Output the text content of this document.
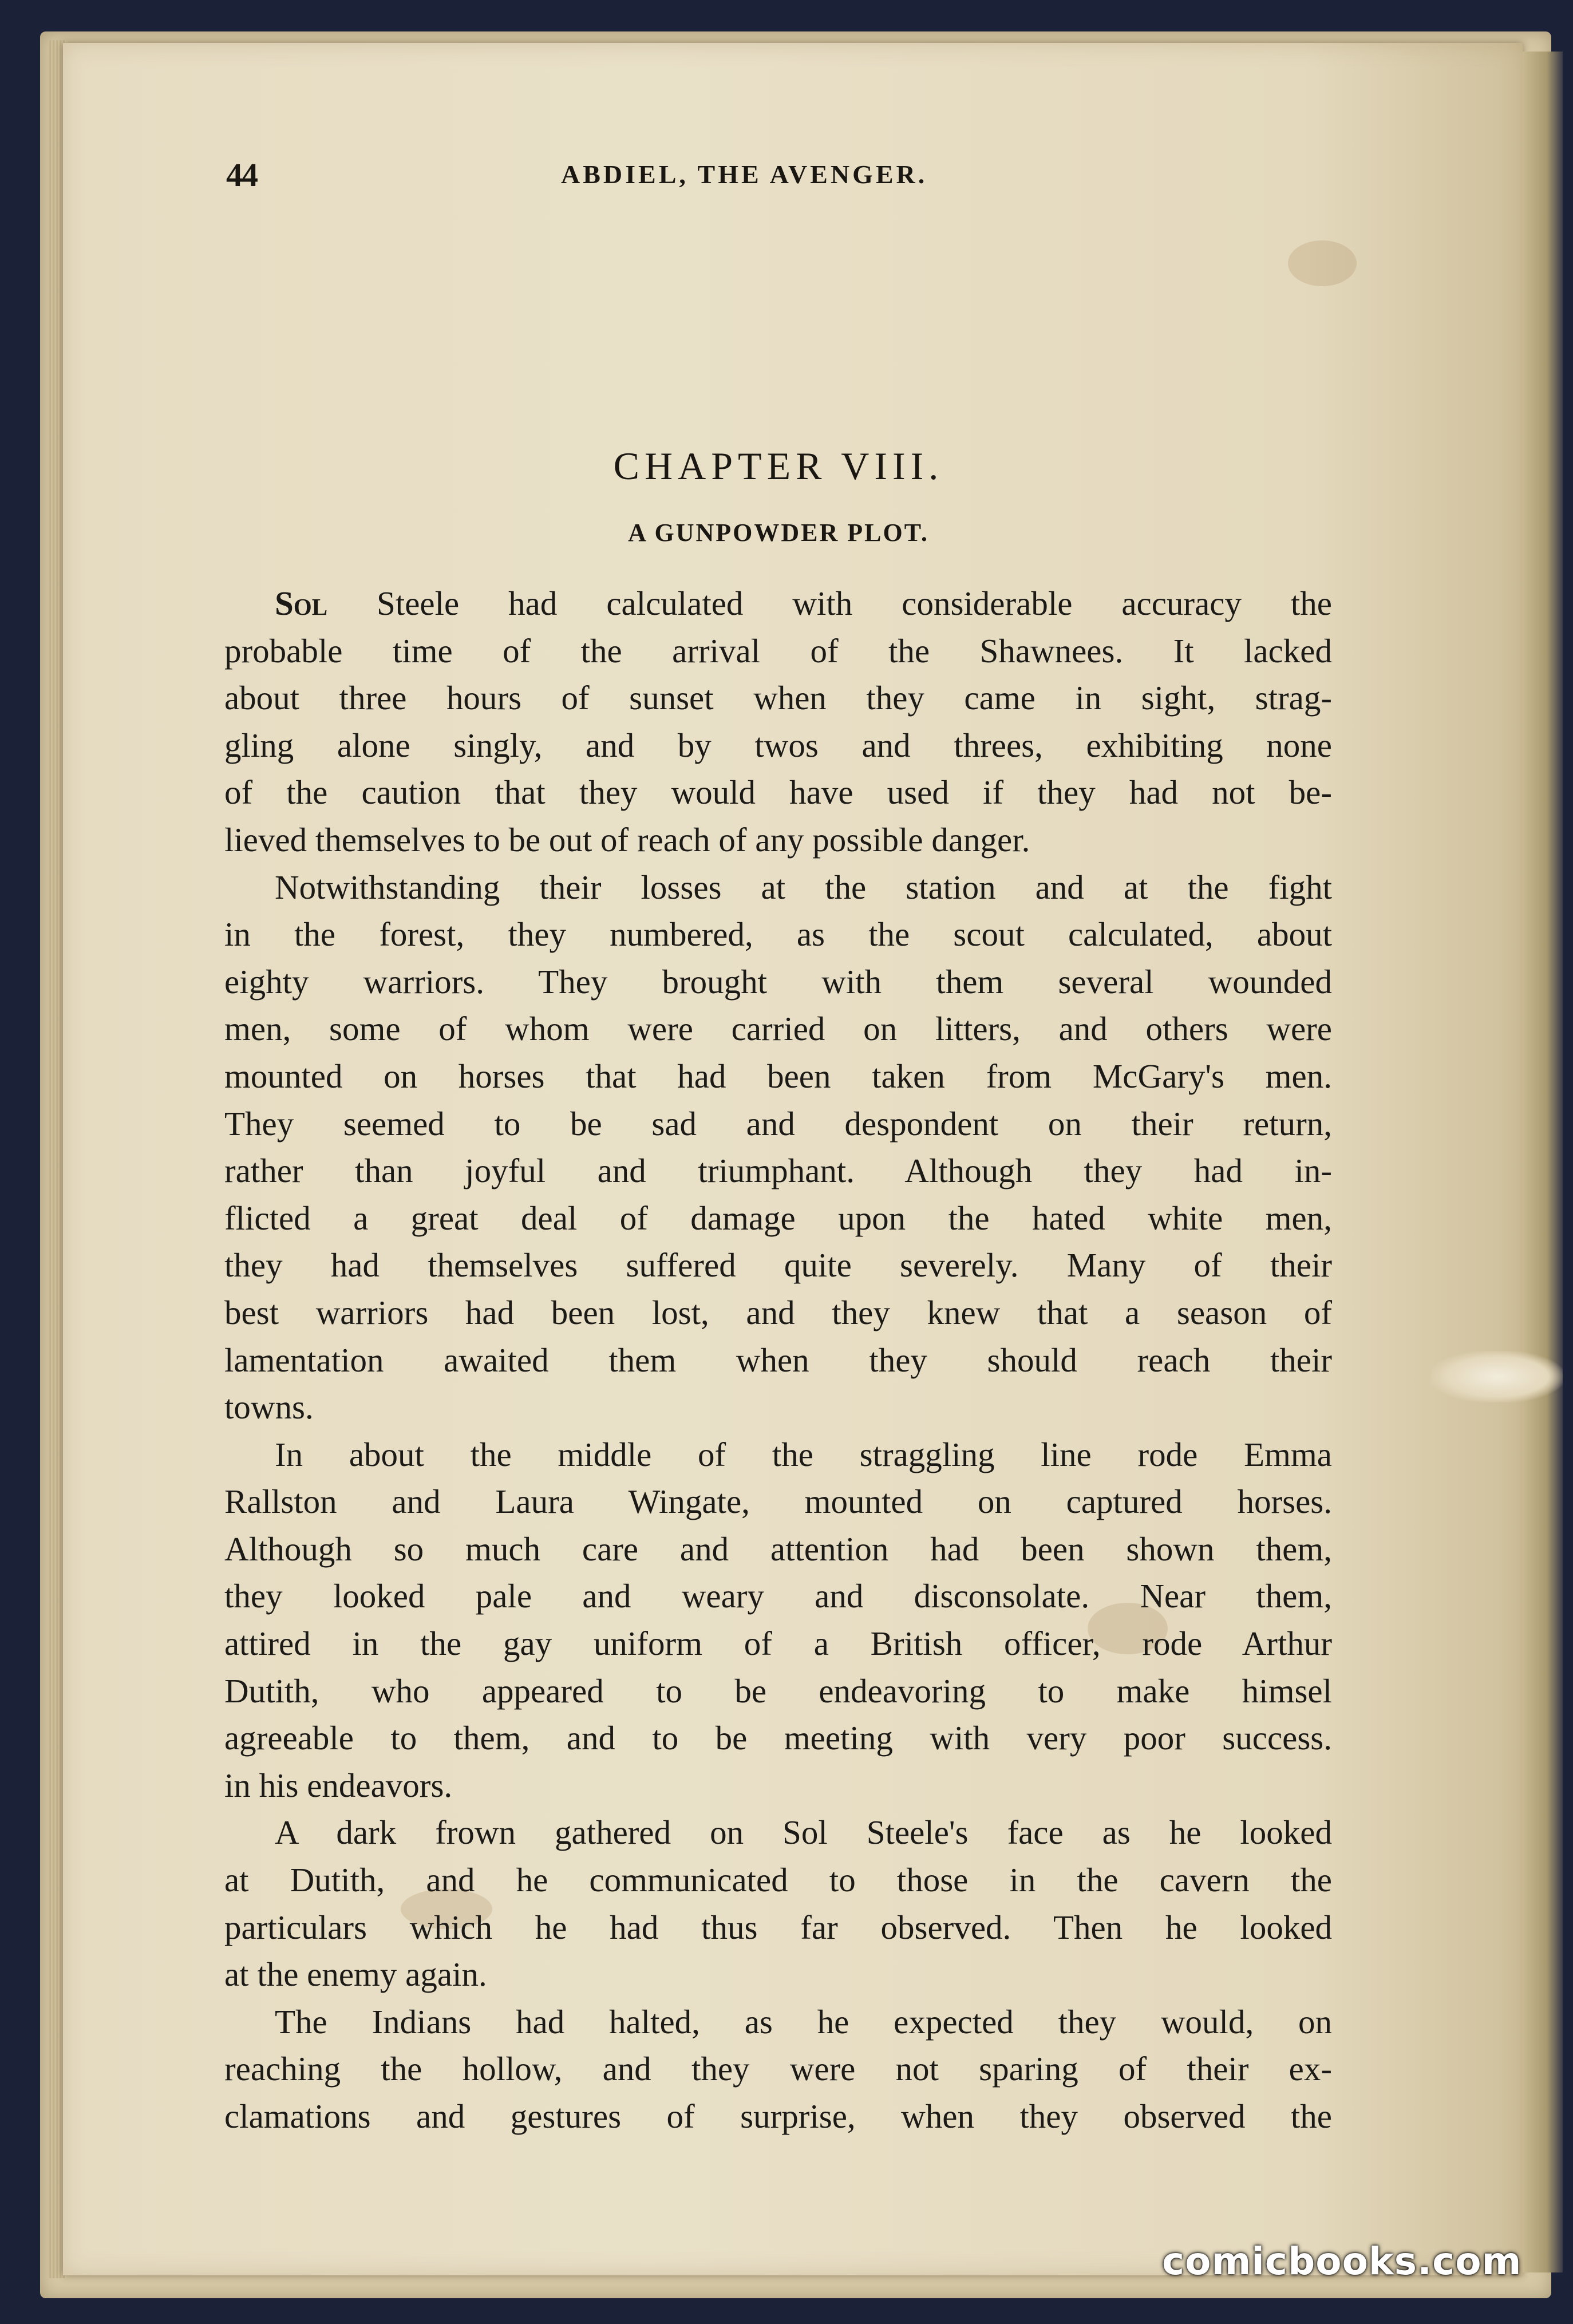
44	ABDIEL, THE AVENGER.
CHAPTER VIII.
A GUNPOWDER PLOT.
Sol Steele had calculated with considerable accuracy the
probable time of the arrival of the Shawnees. It lacked
about three hours of sunset when they came in sight, strag-
gling alone singly, and by twos and threes, exhibiting none
of the caution that they would have used if they had not be-
lieved themselves to be out of reach of any possible danger.
Notwithstanding their losses at the station and at the fight
in the forest, they numbered, as the scout calculated, about
eighty warriors. They brought with them several wounded
men, some of whom were carried on litters, and others were
mounted on horses that had been taken from McGary's men.
They seemed to be sad and despondent on their return,
rather than joyful and triumphant. Although they had in-
flicted a great deal of damage upon the hated white men,
they had themselves suffered quite severely. Many of their
best warriors had been lost, and they knew that a season of
lamentation awaited them when they should reach their
towns.
In about the middle of the straggling line rode Emma
Rallston and Laura Wingate, mounted on captured horses.
Although so much care and attention had been shown them,
they looked pale and weary and disconsolate. Near them,
attired in the gay uniform of a British officer, rode Arthur
Dutith, who appeared to be endeavoring to make himsel
agreeable to them, and to be meeting with very poor success.
in his endeavors.
A dark frown gathered on Sol Steele's face as he looked
at Dutith, and he communicated to those in the cavern the
particulars which he had thus far observed. Then he looked
at the enemy again.
The Indians had halted, as he expected they would, on
reaching the hollow, and they were not sparing of their ex-
clamations and gestures of surprise, when they observed the
comicbooks.com
